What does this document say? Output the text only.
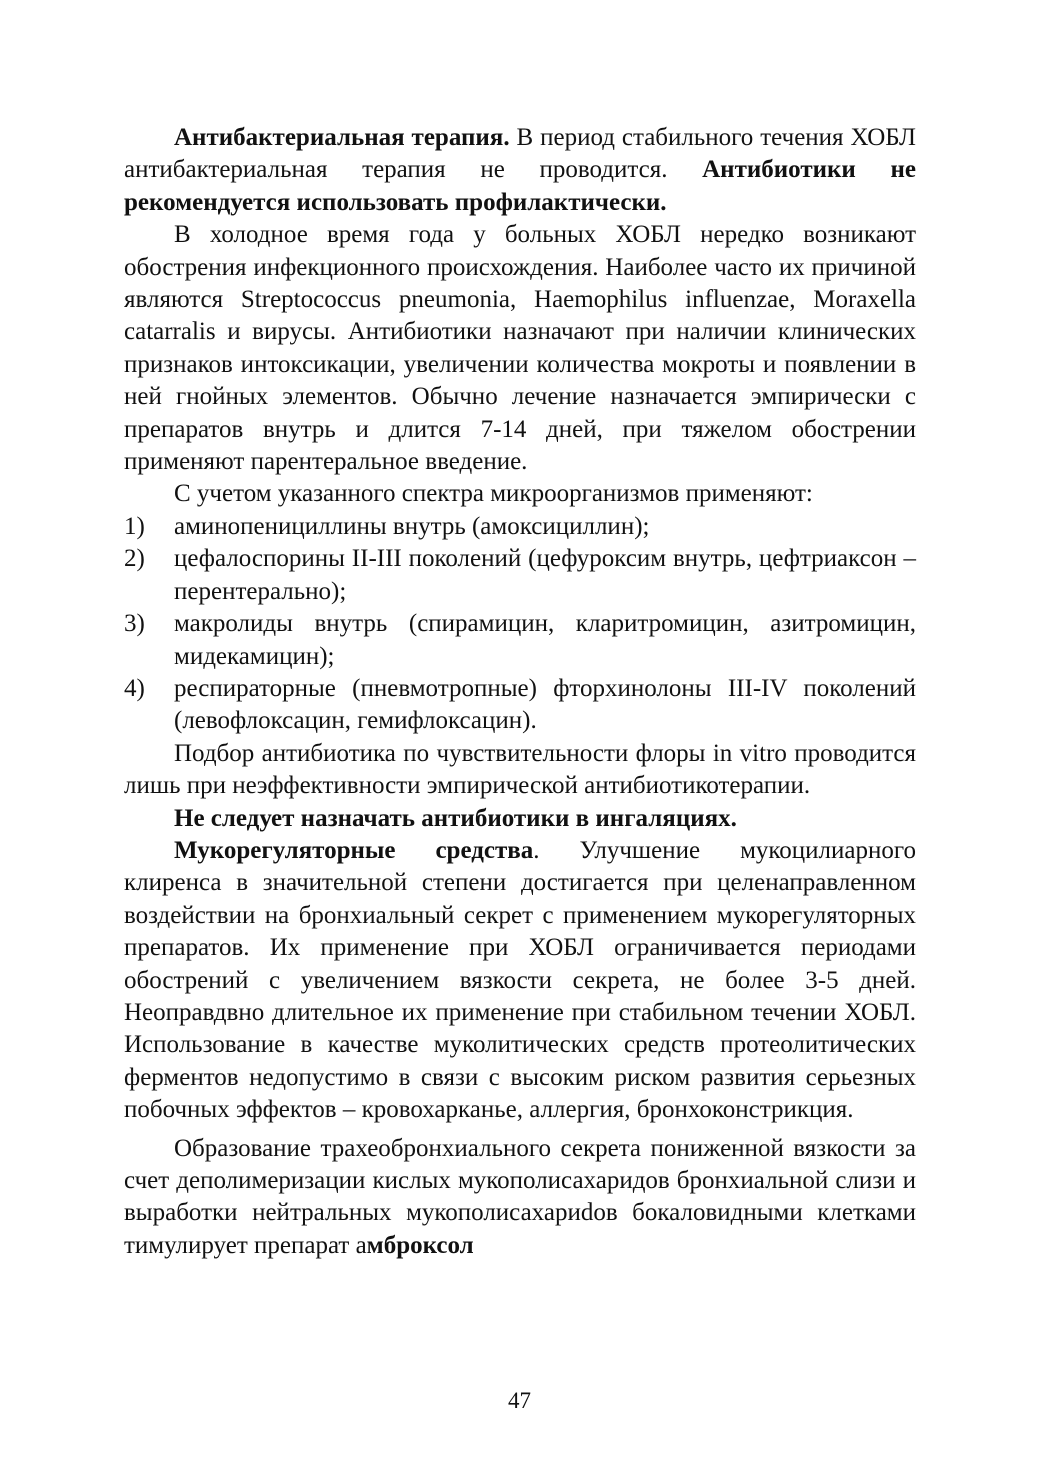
Антибактериальная терапия. В период стабильного течения ХОБЛ антибактериальная терапия не проводится. Антибиотики не рекомендуется использовать профилактически.

В холодное время года у больных ХОБЛ нередко возникают обострения инфекционного происхождения. Наиболее часто их причиной являются Streptococcus pneumonia, Haemophilus influenzae, Moraxella catarralis и вирусы. Антибиотики назначают при наличии клинических признаков интоксикации, увеличении количества мокроты и появлении в ней гнойных элементов. Обычно лечение назначается эмпирически с препаратов внутрь и длится 7-14 дней, при тяжелом обострении применяют парентеральное введение.

С учетом указанного спектра микроорганизмов применяют:

1)	аминопенициллины внутрь (амоксициллин);
2)	цефалоспорины II-III поколений (цефуроксим внутрь, цефтриаксон – перентерально);
3)	макролиды внутрь (спирамицин, кларитромицин, азитромицин, мидекамицин);
4)	респираторные (пневмотропные) фторхинолоны III-IV поколений (левофлоксацин, гемифлоксацин).

Подбор антибиотика по чувствительности флоры in vitro проводится лишь при неэффективности эмпирической антибиотикотерапии.

Не следует назначать антибиотики в ингаляциях.

Мукорегуляторные средства. Улучшение мукоцилиарного клиренса в значительной степени достигается при целенаправленном воздействии на бронхиальный секрет с применением мукорегуляторных препаратов. Их применение при ХОБЛ ограничивается периодами обострений с увеличением вязкости секрета, не более 3-5 дней. Неоправдвно длительное их применение при стабильном течении ХОБЛ. Использование в качестве муколитических средств протеолитических ферментов недопустимо в связи с высоким риском развития серьезных побочных эффектов – кровохарканье, аллергия, бронхоконстрикция.

Образование трахеобронхиального секрета пониженной вязкости за счет деполимеризации кислых мукополисахаридов бронхиальной слизи и выработки нейтральных мукополисахариdов бокаловидными клетками тимулирует препарат амброксол

47
